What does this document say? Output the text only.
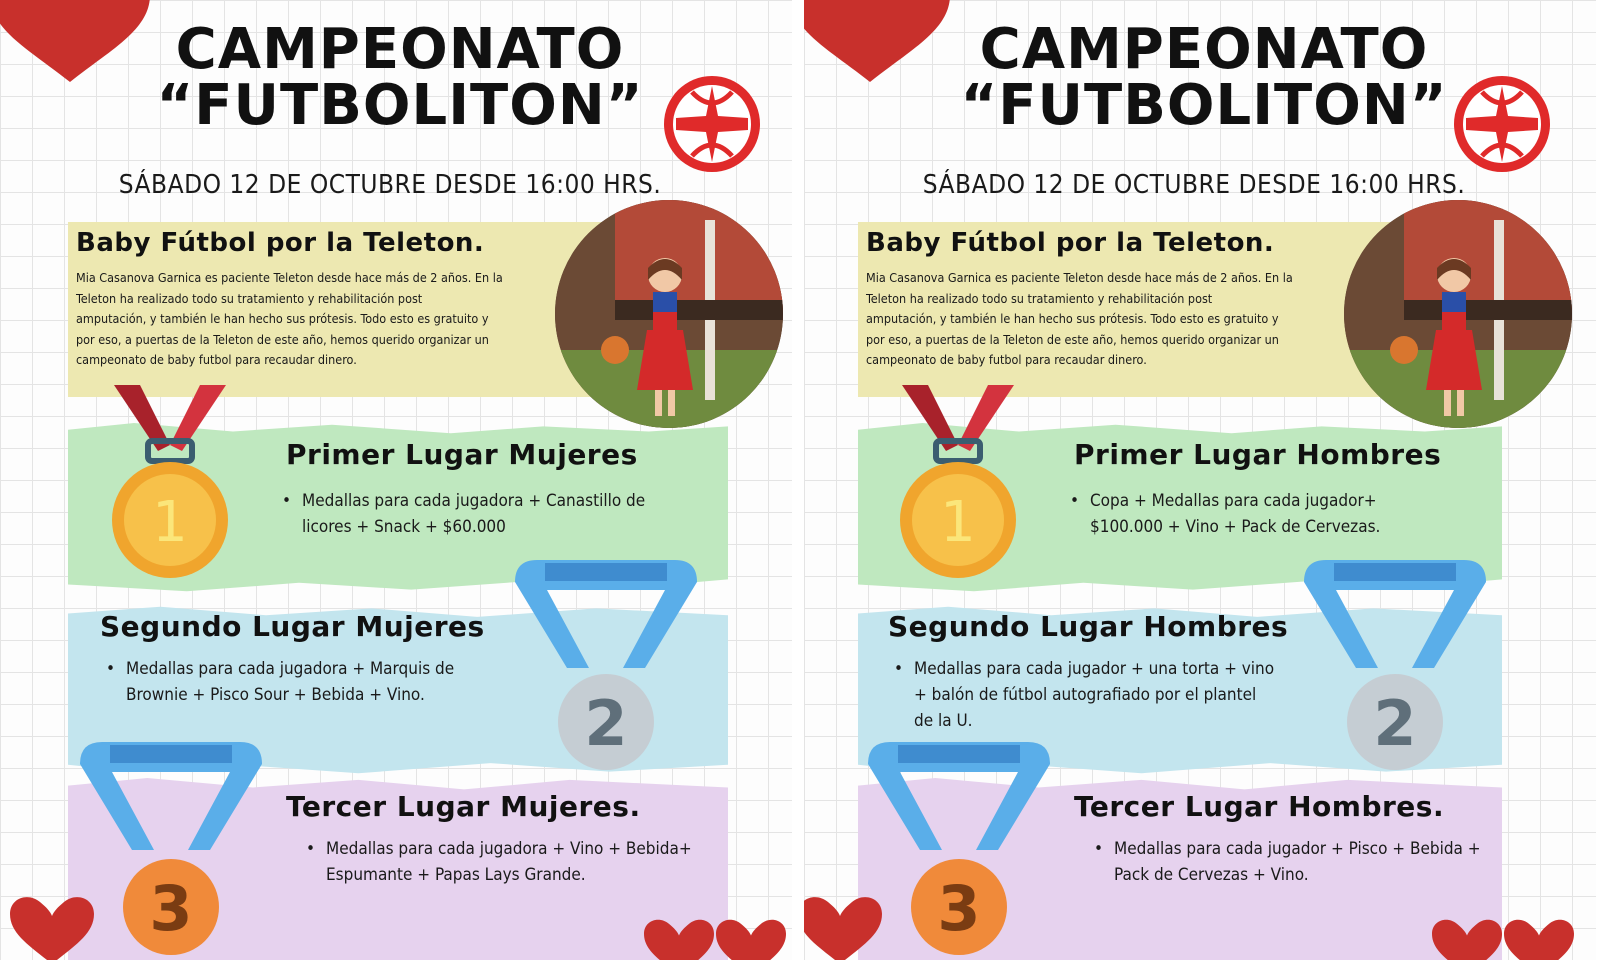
CAMPEONATO
“FUTBOLITON”
SÁBADO 12 DE OCTUBRE DESDE 16:00 HRS.
Baby Fútbol por la Teleton.
Mia Casanova Garnica es paciente Teleton desde hace más de 2 años. En la
Teleton ha realizado todo su tratamiento y rehabilitación post
amputación, y también le han hecho sus prótesis. Todo esto es gratuito y
por eso, a puertas de la Teleton de este año, hemos querido organizar un
campeonato de baby futbol para recaudar dinero.
1
Primer Lugar Mujeres
• Medallas para cada jugadora + Canastillo de
licores + Snack + $60.000
2
Segundo Lugar Mujeres
• Medallas para cada jugadora + Marquis de
Brownie + Pisco Sour + Bebida + Vino.
3
Tercer Lugar Mujeres.
• Medallas para cada jugadora + Vino + Bebida+
Espumante + Papas Lays Grande.
CAMPEONATO
“FUTBOLITON”
SÁBADO 12 DE OCTUBRE DESDE 16:00 HRS.
Baby Fútbol por la Teleton.
Mia Casanova Garnica es paciente Teleton desde hace más de 2 años. En la
Teleton ha realizado todo su tratamiento y rehabilitación post
amputación, y también le han hecho sus prótesis. Todo esto es gratuito y
por eso, a puertas de la Teleton de este año, hemos querido organizar un
campeonato de baby futbol para recaudar dinero.
1
Primer Lugar Hombres
• Copa + Medallas para cada jugador+
$100.000 + Vino + Pack de Cervezas.
2
Segundo Lugar Hombres
• Medallas para cada jugador + una torta + vino
+ balón de fútbol autografiado por el plantel
de la U.
3
Tercer Lugar Hombres.
• Medallas para cada jugador + Pisco + Bebida +
Pack de Cervezas + Vino.
